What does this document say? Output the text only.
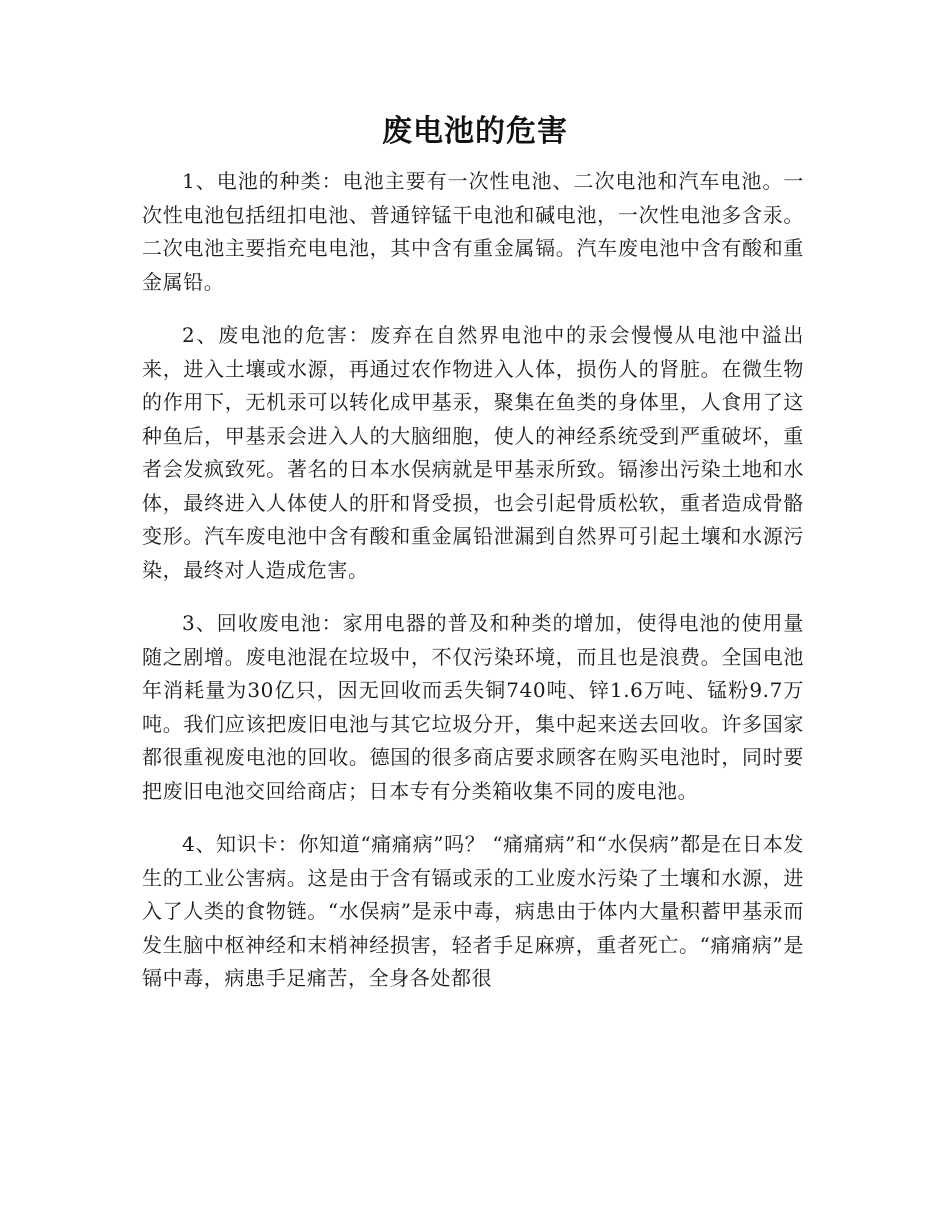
废电池的危害

1、电池的种类：电池主要有一次性电池、二次电池和汽车电池。一次性电池包括纽扣电池、普通锌锰干电池和碱电池，一次性电池多含汞。二次电池主要指充电电池，其中含有重金属镉。汽车废电池中含有酸和重金属铅。

2、废电池的危害：废弃在自然界电池中的汞会慢慢从电池中溢出来，进入土壤或水源，再通过农作物进入人体，损伤人的肾脏。在微生物的作用下，无机汞可以转化成甲基汞，聚集在鱼类的身体里，人食用了这种鱼后，甲基汞会进入人的大脑细胞，使人的神经系统受到严重破坏，重者会发疯致死。著名的日本水俣病就是甲基汞所致。镉渗出污染土地和水体，最终进入人体使人的肝和肾受损，也会引起骨质松软，重者造成骨骼变形。汽车废电池中含有酸和重金属铅泄漏到自然界可引起土壤和水源污染，最终对人造成危害。

3、回收废电池：家用电器的普及和种类的增加，使得电池的使用量随之剧增。废电池混在垃圾中，不仅污染环境，而且也是浪费。全国电池年消耗量为30亿只，因无回收而丢失铜740吨、锌1.6万吨、锰粉9.7万吨。我们应该把废旧电池与其它垃圾分开，集中起来送去回收。许多国家都很重视废电池的回收。德国的很多商店要求顾客在购买电池时，同时要把废旧电池交回给商店；日本专有分类箱收集不同的废电池。

4、知识卡：你知道“痛痛病”吗？ “痛痛病”和“水俣病”都是在日本发生的工业公害病。这是由于含有镉或汞的工业废水污染了土壤和水源，进入了人类的食物链。“水俣病”是汞中毒，病患由于体内大量积蓄甲基汞而发生脑中枢神经和末梢神经损害，轻者手足麻痹，重者死亡。“痛痛病”是镉中毒，病患手足痛苦，全身各处都很
